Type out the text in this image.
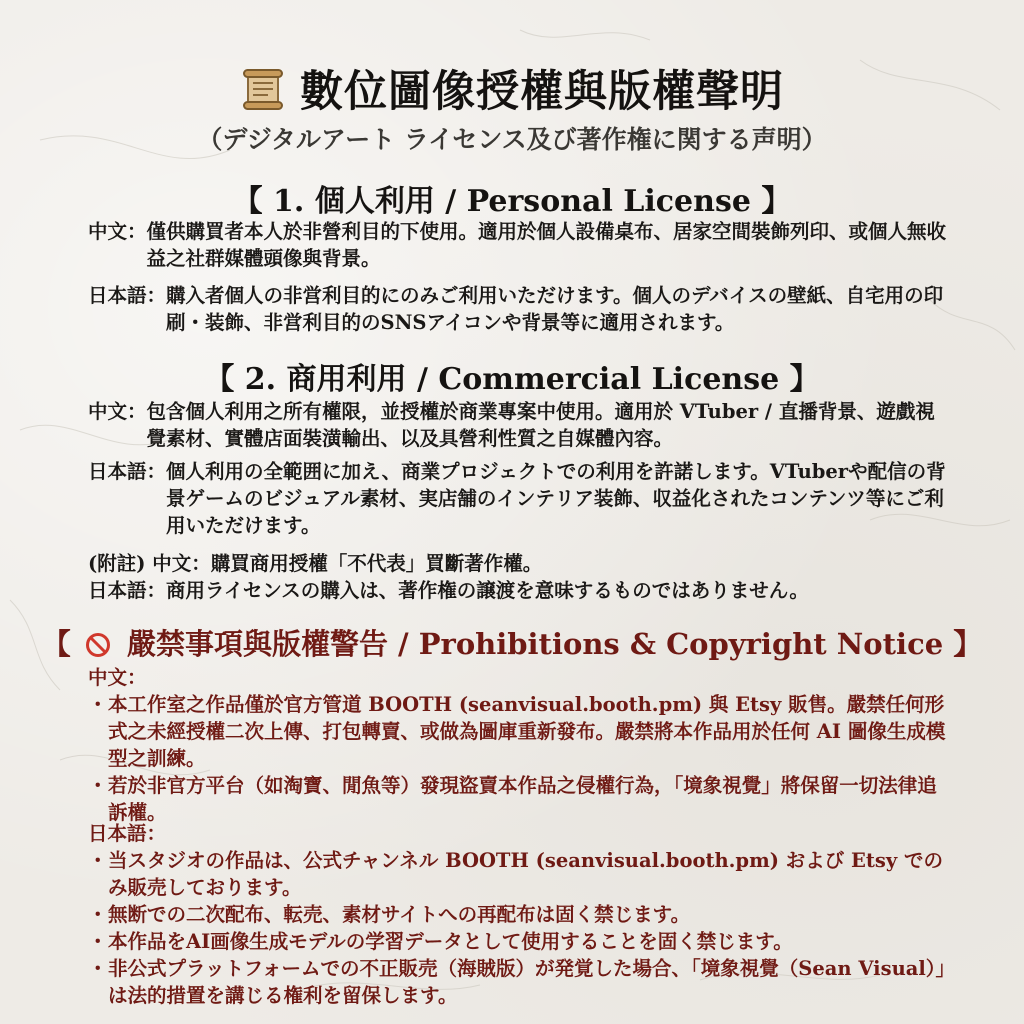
數位圖像授權與版權聲明
（デジタルアート ライセンス及び著作権に関する声明）
【 1. 個人利用 / Personal License 】
中文： 僅供購買者本人於非營利目的下使用。適用於個人設備桌布、居家空間裝飾列印、或個人無收益之社群媒體頭像與背景。
日本語： 購入者個人の非営利目的にのみご利用いただけます。個人のデバイスの壁紙、自宅用の印刷・装飾、非営利目的のSNSアイコンや背景等に適用されます。
【 2. 商用利用 / Commercial License 】
中文： 包含個人利用之所有權限，並授權於商業專案中使用。適用於 VTuber / 直播背景、遊戲視覺素材、實體店面裝潢輸出、以及具營利性質之自媒體內容。
日本語： 個人利用の全範囲に加え、商業プロジェクトでの利用を許諾します。VTuberや配信の背景ゲームのビジュアル素材、実店舗のインテリア装飾、収益化されたコンテンツ等にご利用いただけます。
(附註) 中文：購買商用授權「不代表」買斷著作權。
日本語：商用ライセンスの購入は、著作権の譲渡を意味するものではありません。
【 嚴禁事項與版權警告 / Prohibitions & Copyright Notice 】
中文：
・ 本工作室之作品僅於官方管道 BOOTH (seanvisual.booth.pm) 與 Etsy 販售。嚴禁任何形式之未經授權二次上傳、打包轉賣、或做為圖庫重新發布。嚴禁將本作品用於任何 AI 圖像生成模型之訓練。
・ 若於非官方平台（如淘寶、閒魚等）發現盜賣本作品之侵權行為，「境象視覺」將保留一切法律追訴權。
日本語：
・ 当スタジオの作品は、公式チャンネル BOOTH (seanvisual.booth.pm) および Etsy でのみ販売しております。
・ 無断での二次配布、転売、素材サイトへの再配布は固く禁じます。
・ 本作品をAI画像生成モデルの学習データとして使用することを固く禁じます。
・ 非公式プラットフォームでの不正販売（海賊版）が発覚した場合、「境象視覺（Sean Visual）」は法的措置を講じる権利を留保します。
